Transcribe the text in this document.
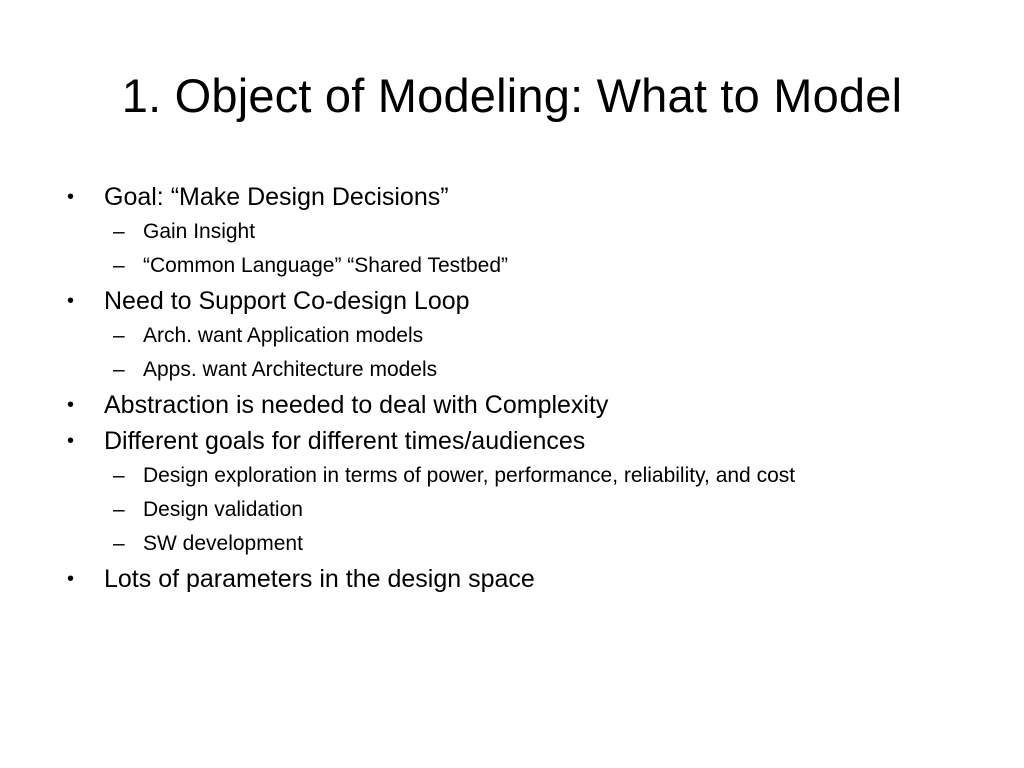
1. Object of Modeling: What to Model
• Goal: “Make Design Decisions”
– Gain Insight
– “Common Language” “Shared Testbed”
• Need to Support Co-design Loop
– Arch. want Application models
– Apps. want Architecture models
• Abstraction is needed to deal with Complexity
• Different goals for different times/audiences
– Design exploration in terms of power, performance, reliability, and cost
– Design validation
– SW development
• Lots of parameters in the design space
